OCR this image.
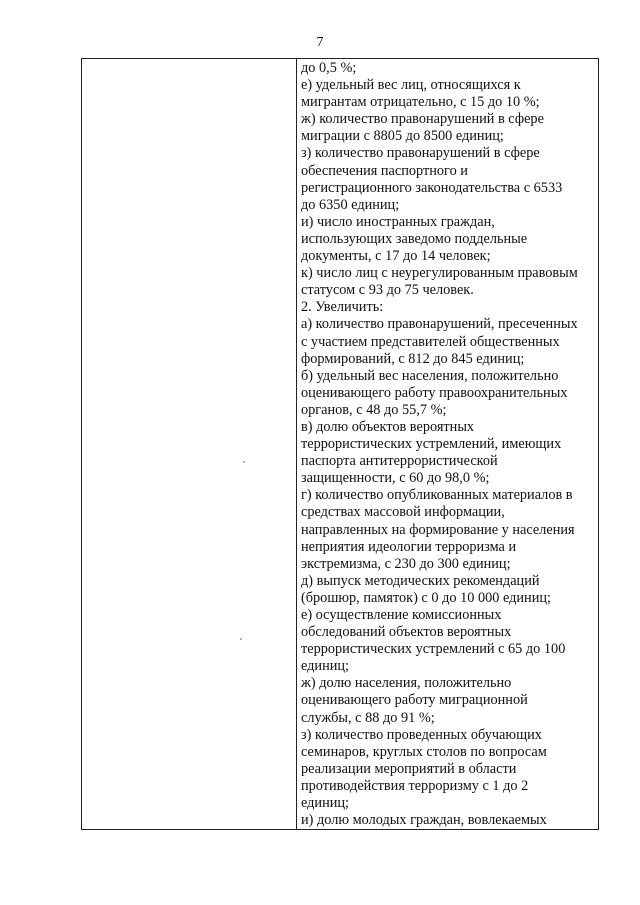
7
до 0,5 %;
е) удельный вес лиц, относящихся к
мигрантам отрицательно, с 15 до 10 %;
ж) количество правонарушений в сфере
миграции с 8805 до 8500 единиц;
з) количество правонарушений в сфере
обеспечения паспортного и
регистрационного законодательства с 6533
до 6350 единиц;
и) число иностранных граждан,
использующих заведомо поддельные
документы, с 17 до 14 человек;
к) число лиц с неурегулированным правовым
статусом с 93 до 75 человек.
2. Увеличить:
а) количество правонарушений, пресеченных
с участием представителей общественных
формирований, с 812 до 845 единиц;
б) удельный вес населения, положительно
оценивающего работу правоохранительных
органов, с 48 до 55,7 %;
в) долю объектов вероятных
террористических устремлений, имеющих
паспорта антитеррористической
защищенности, с 60 до 98,0 %;
г) количество опубликованных материалов в
средствах массовой информации,
направленных на формирование у населения
неприятия идеологии терроризма и
экстремизма, с 230 до 300 единиц;
д) выпуск методических рекомендаций
(брошюр, памяток) с 0 до 10 000 единиц;
е) осуществление комиссионных
обследований объектов вероятных
террористических устремлений с 65 до 100
единиц;
ж) долю населения, положительно
оценивающего работу миграционной
службы, с 88 до 91 %;
з) количество проведенных обучающих
семинаров, круглых столов по вопросам
реализации мероприятий в области
противодействия терроризму с 1 до 2
единиц;
и) долю молодых граждан, вовлекаемых
